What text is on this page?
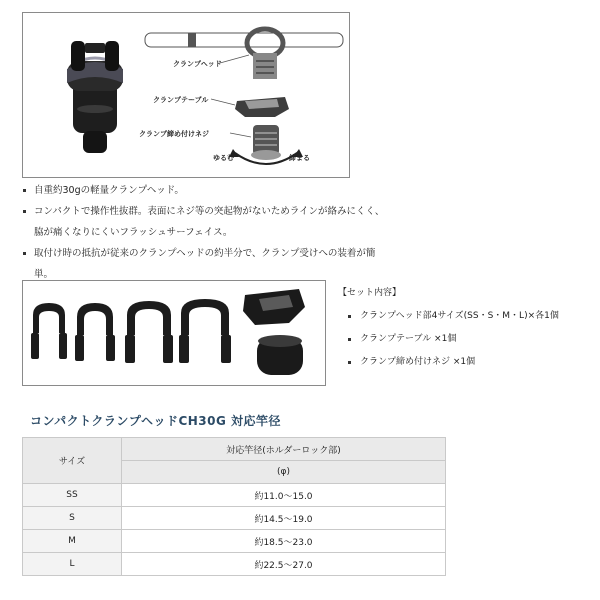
クランプヘッド
クランプテーブル
クランプ締め付けネジ
ゆるむ	締まる
自重約30gの軽量クランプヘッド。
コンパクトで操作性抜群。表面にネジ等の突起物がないためラインが絡みにくく、
脇が痛くなりにくいフラッシュサーフェイス。
取付け時の抵抗が従来のクランプヘッドの約半分で、クランプ受けへの装着が簡
単。
【セット内容】
クランプヘッド部4サイズ(SS・S・M・L)×各1個
クランプテーブル ×1個
クランプ締め付けネジ ×1個
コンパクトクランプヘッドCH30G 対応竿径
サイズ	対応竿径(ホルダーロック部)
	(φ)
SS	約11.0〜15.0
S	約14.5〜19.0
M	約18.5〜23.0
L	約22.5〜27.0
